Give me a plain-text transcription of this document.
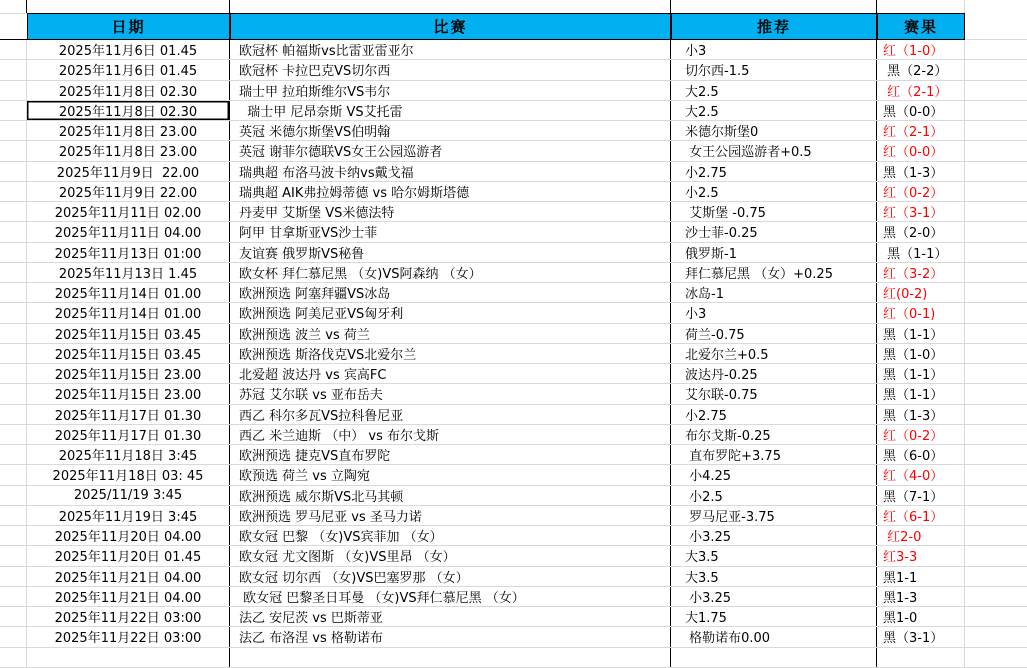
日期	比赛	推荐	赛果
2025年11月6日 01.45	欧冠杯 帕福斯vs比雷亚雷亚尔	小3	红（1-0）
2025年11月6日 01.45	欧冠杯 卡拉巴克VS切尔西	切尔西-1.5	黑（2-2）
2025年11月8日 02.30	瑞士甲 拉珀斯维尔VS韦尔	大2.5	红（2-1）
2025年11月8日 02.30	瑞士甲 尼昂奈斯 VS艾托雷	大2.5	黑（0-0）
2025年11月8日 23.00	英冠 米德尔斯堡VS伯明翰	米德尔斯堡0	红（2-1）
2025年11月8日 23.00	英冠 谢菲尔德联VS女王公园巡游者	女王公园巡游者+0.5	红（0-0）
2025年11月9日  22.00	瑞典超 布洛马波卡纳vs戴戈福	小2.75	黑（1-3）
2025年11月9日 22.00	瑞典超 AIK弗拉姆蒂德 vs 哈尔姆斯塔德	小2.5	红（0-2）
2025年11月11日 02.00	丹麦甲 艾斯堡 VS米德法特	艾斯堡 -0.75	红（3-1）
2025年11月11日 04.00	阿甲 甘拿斯亚VS沙士菲	沙士菲-0.25	黑（2-0）
2025年11月13日 01:00	友谊赛 俄罗斯VS秘鲁	俄罗斯-1	黑（1-1）
2025年11月13日 1.45	欧女杯 拜仁慕尼黑 （女)VS阿森纳 （女）	拜仁慕尼黑 （女）+0.25	红（3-2）
2025年11月14日 01.00	欧洲预选 阿塞拜疆VS冰岛	冰岛-1	红(0-2)
2025年11月14日 01.00	欧洲预选 阿美尼亚VS匈牙利	小3	红（0-1)
2025年11月15日 03.45	欧洲预选 波兰 vs 荷兰	荷兰-0.75	黑（1-1）
2025年11月15日 03.45	欧洲预选 斯洛伐克VS北爱尔兰	北爱尔兰+0.5	黑（1-0）
2025年11月15日 23.00	北爱超 波达丹 vs 宾高FC	波达丹-0.25	黑（1-1）
2025年11月15日 23.00	苏冠 艾尔联 vs 亚布岳夫	艾尔联-0.75	黑（1-1）
2025年11月17日 01.30	西乙 科尔多瓦VS拉科鲁尼亚	小2.75	黑（1-3）
2025年11月17日 01.30	西乙 米兰迪斯 （中） vs 布尔戈斯	布尔戈斯-0.25	红（0-2）
2025年11月18日 3:45	欧洲预选 捷克VS直布罗陀	直布罗陀+3.75	黑（6-0）
2025年11月18日 03: 45	欧预选 荷兰 vs 立陶宛	小4.25	红（4-0）
2025/11/19 3:45	欧洲预选 威尔斯VS北马其顿	小2.5	黑（7-1）
2025年11月19日 3:45	欧洲预选 罗马尼亚 vs 圣马力诺	罗马尼亚-3.75	红（6-1）
2025年11月20日 04.00	欧女冠 巴黎 （女)VS宾菲加 （女）	小3.25	红2-0
2025年11月20日 01.45	欧女冠 尤文图斯 （女)VS里昂 （女）	大3.5	红3-3
2025年11月21日 04.00	欧女冠 切尔西 （女)VS巴塞罗那 （女）	大3.5	黑1-1
2025年11月21日 04.00	欧女冠 巴黎圣日耳曼 （女)VS拜仁慕尼黑 （女）	小3.25	黑1-3
2025年11月22日 03:00	法乙 安尼茨 vs 巴斯蒂亚	大1.75	黑1-0
2025年11月22日 03:00	法乙 布洛涅 vs 格勒诺布	格勒诺布0.00	黑（3-1）
